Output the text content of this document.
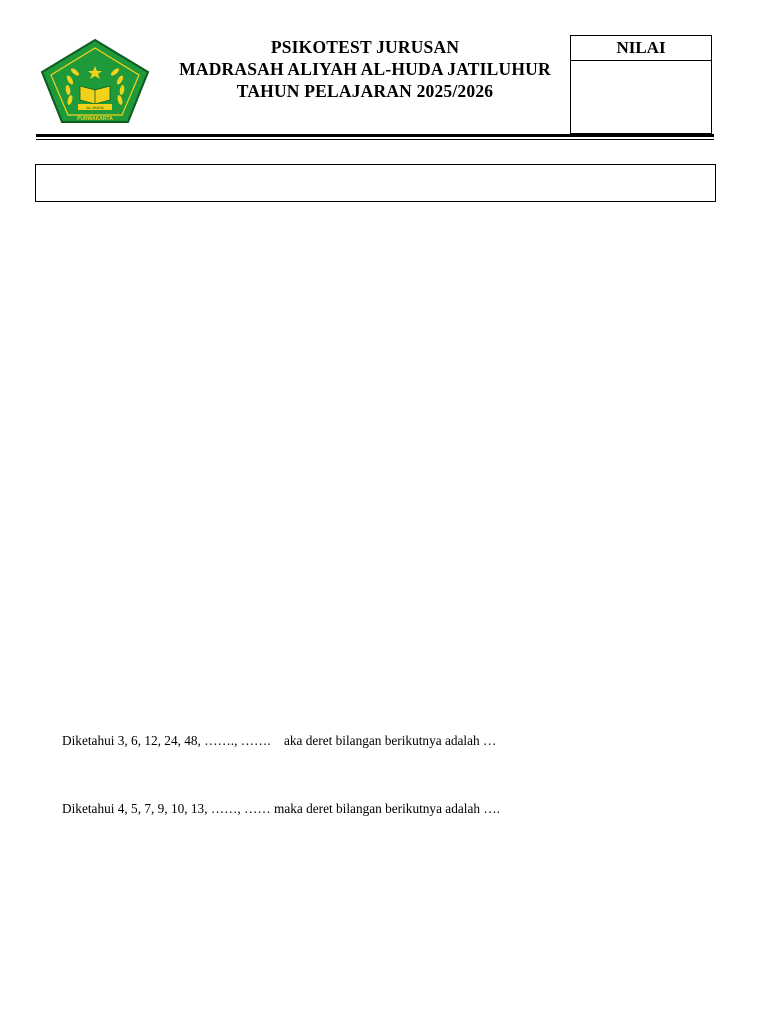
AL-HUDA
PURWAKARTA
PSIKOTEST JURUSAN
MADRASAH ALIYAH AL-HUDA JATILUHUR
TAHUN PELAJARAN 2025/2026
NILAI
Diketahui 3, 6, 12, 24, 48, ……., …….    aka deret bilangan berikutnya adalah …
Diketahui 4, 5, 7, 9, 10, 13, ……, …… maka deret bilangan berikutnya adalah ….
